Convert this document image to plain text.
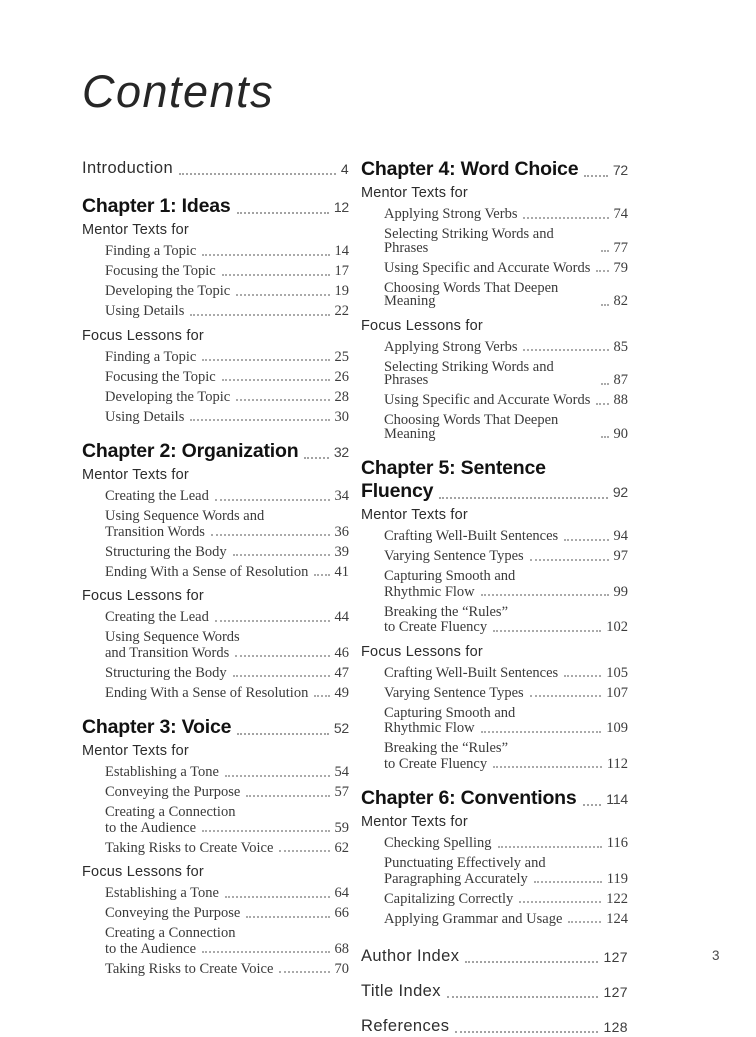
Contents
Introduction	4
Chapter 1: Ideas	12
Mentor Texts for
Finding a Topic	14
Focusing the Topic	17
Developing the Topic	19
Using Details	22
Focus Lessons for
Finding a Topic	25
Focusing the Topic	26
Developing the Topic	28
Using Details	30
Chapter 2: Organization	32
Mentor Texts for
Creating the Lead	34
Using Sequence Words and
Transition Words	36
Structuring the Body	39
Ending With a Sense of Resolution 41
Focus Lessons for
Creating the Lead	44
Using Sequence Words
and Transition Words	46
Structuring the Body	47
Ending With a Sense of Resolution 49
Chapter 3: Voice	52
Mentor Texts for
Establishing a Tone	54
Conveying the Purpose	57
Creating a Connection
to the Audience	59
Taking Risks to Create Voice	62
Focus Lessons for
Establishing a Tone	64
Conveying the Purpose	66
Creating a Connection
to the Audience	68
Taking Risks to Create Voice	70
Chapter 4: Word Choice 72
Mentor Texts for
Applying Strong Verbs	74
Selecting Striking Words and Phrases	77
Using Specific and Accurate Words 79
Choosing Words That Deepen Meaning	82
Focus Lessons for
Applying Strong Verbs	85
Selecting Striking Words and Phrases	87
Using Specific and Accurate Words 88
Choosing Words That Deepen Meaning	90
Chapter 5: Sentence
Fluency	92
Mentor Texts for
Crafting Well-Built Sentences	94
Varying Sentence Types	97
Capturing Smooth and
Rhythmic Flow	99
Breaking the “Rules”
to Create Fluency	102
Focus Lessons for
Crafting Well-Built Sentences	105
Varying Sentence Types	107
Capturing Smooth and
Rhythmic Flow	109
Breaking the “Rules”
to Create Fluency	112
Chapter 6: Conventions 114
Mentor Texts for
Checking Spelling	116
Punctuating Effectively and
Paragraphing Accurately	119
Capitalizing Correctly	122
Applying Grammar and Usage	124
Author Index	127
Title Index	127
References	128
3
